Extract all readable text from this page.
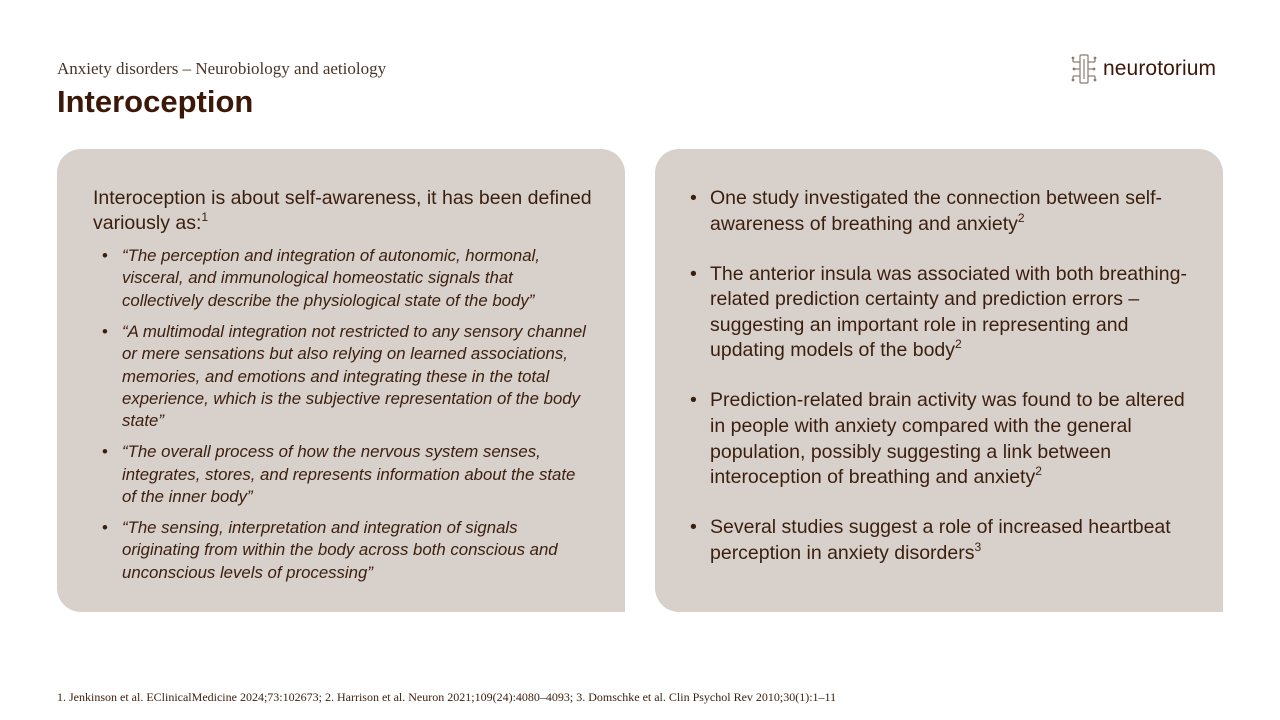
Anxiety disorders – Neurobiology and aetiology
Interoception
neurotorium

Interoception is about self-awareness, it has been defined variously as:$^1$

• “The perception and integration of autonomic, hormonal, visceral, and immunological homeostatic signals that collectively describe the physiological state of the body”
• “A multimodal integration not restricted to any sensory channel or mere sensations but also relying on learned associations, memories, and emotions and integrating these in the total experience, which is the subjective representation of the body state”
• “The overall process of how the nervous system senses, integrates, stores, and represents information about the state of the inner body”
• “The sensing, interpretation and integration of signals originating from within the body across both conscious and unconscious levels of processing”
• One study investigated the connection between self-awareness of breathing and anxiety$^2$
• The anterior insula was associated with both breathing-related prediction certainty and prediction errors – suggesting an important role in representing and updating models of the body$^2$
• Prediction-related brain activity was found to be altered in people with anxiety compared with the general population, possibly suggesting a link between interoception of breathing and anxiety$^2$
• Several studies suggest a role of increased heartbeat perception in anxiety disorders$^3$
1. Jenkinson et al. EClinicalMedicine 2024;73:102673; 2. Harrison et al. Neuron 2021;109(24):4080–4093; 3. Domschke et al. Clin Psychol Rev 2010;30(1):1–11
